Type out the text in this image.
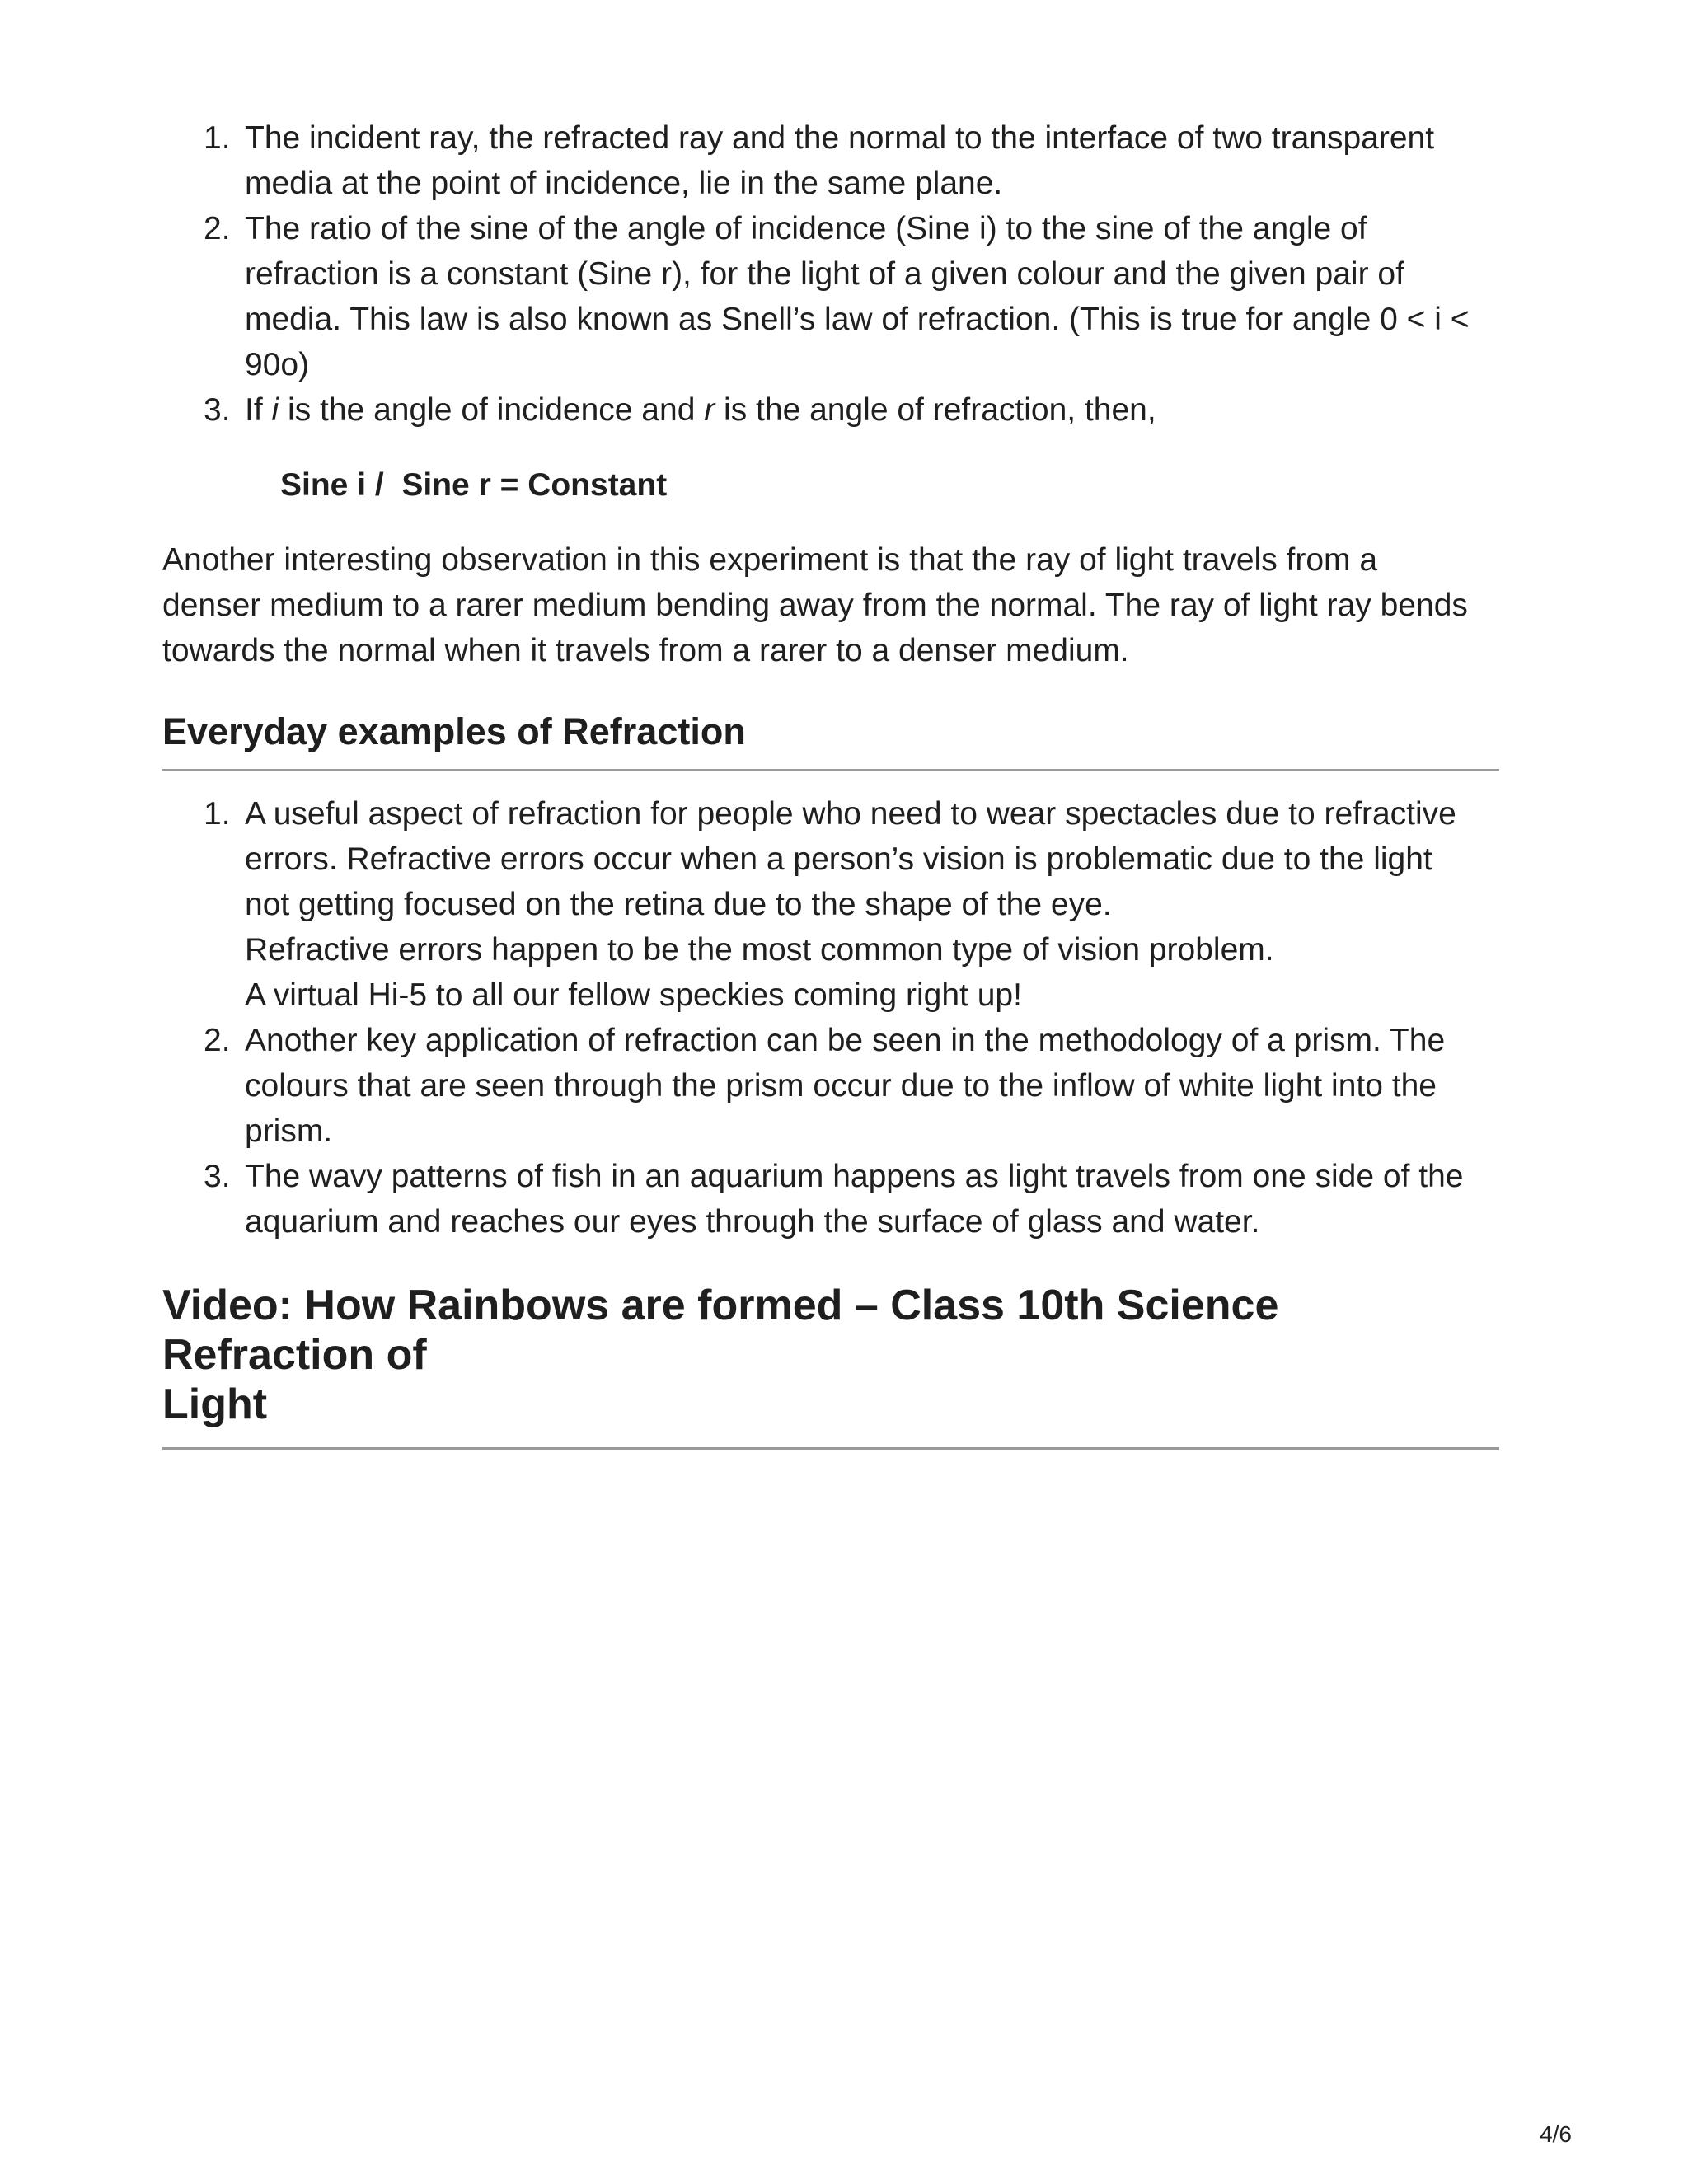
1. The incident ray, the refracted ray and the normal to the interface of two transparent
media at the point of incidence, lie in the same plane.
2. The ratio of the sine of the angle of incidence (Sine i) to the sine of the angle of
refraction is a constant (Sine r), for the light of a given colour and the given pair of
media. This law is also known as Snell’s law of refraction. (This is true for angle 0 < i <
90o)
3. If i is the angle of incidence and r is the angle of refraction, then,
Sine i /  Sine r = Constant

Another interesting observation in this experiment is that the ray of light travels from a
denser medium to a rarer medium bending away from the normal. The ray of light ray bends
towards the normal when it travels from a rarer to a denser medium.

Everyday examples of Refraction
1. A useful aspect of refraction for people who need to wear spectacles due to refractive
errors. Refractive errors occur when a person’s vision is problematic due to the light
not getting focused on the retina due to the shape of the eye.
Refractive errors happen to be the most common type of vision problem.
A virtual Hi-5 to all our fellow speckies coming right up!
2. Another key application of refraction can be seen in the methodology of a prism. The
colours that are seen through the prism occur due to the inflow of white light into the
prism.
3. The wavy patterns of fish in an aquarium happens as light travels from one side of the
aquarium and reaches our eyes through the surface of glass and water.
Video: How Rainbows are formed – Class 10th Science Refraction of
Light
4/6
